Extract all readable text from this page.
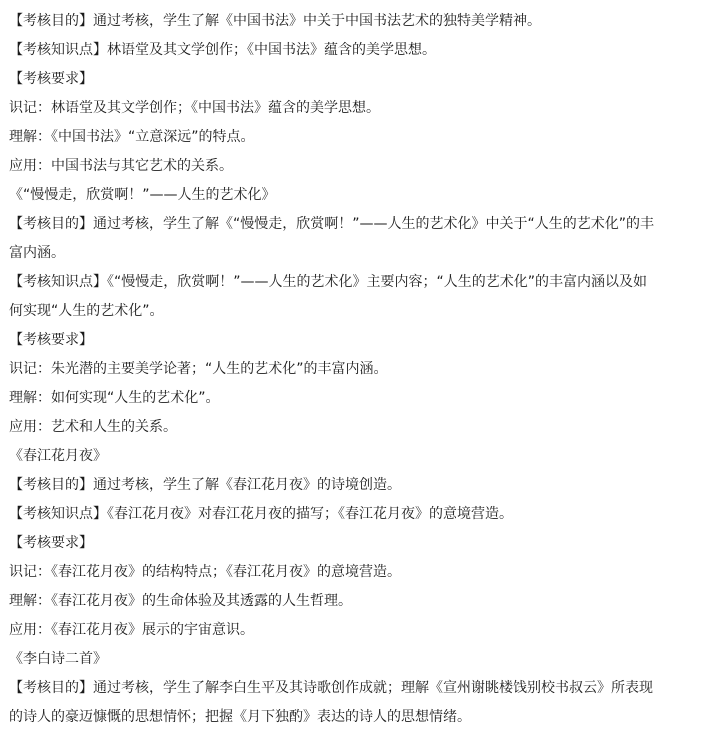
【考核目的】通过考核，学生了解《中国书法》中关于中国书法艺术的独特美学精神。
【考核知识点】林语堂及其文学创作；《中国书法》蕴含的美学思想。
【考核要求】
识记：林语堂及其文学创作；《中国书法》蕴含的美学思想。
理解：《中国书法》“立意深远”的特点。
应用：中国书法与其它艺术的关系。
《“慢慢走，欣赏啊！”——人生的艺术化》
【考核目的】通过考核，学生了解《“慢慢走，欣赏啊！”——人生的艺术化》中关于“人生的艺术化”的丰
富内涵。
【考核知识点】《“慢慢走，欣赏啊！”——人生的艺术化》主要内容；“人生的艺术化”的丰富内涵以及如
何实现“人生的艺术化”。
【考核要求】
识记：朱光潜的主要美学论著；“人生的艺术化”的丰富内涵。
理解：如何实现“人生的艺术化”。
应用：艺术和人生的关系。
《春江花月夜》
【考核目的】通过考核，学生了解《春江花月夜》的诗境创造。
【考核知识点】《春江花月夜》对春江花月夜的描写；《春江花月夜》的意境营造。
【考核要求】
识记：《春江花月夜》的结构特点；《春江花月夜》的意境营造。
理解：《春江花月夜》的生命体验及其透露的人生哲理。
应用：《春江花月夜》展示的宇宙意识。
《李白诗二首》
【考核目的】通过考核，学生了解李白生平及其诗歌创作成就；理解《宣州谢眺楼饯别校书叔云》所表现
的诗人的豪迈慷慨的思想情怀；把握《月下独酌》表达的诗人的思想情绪。
